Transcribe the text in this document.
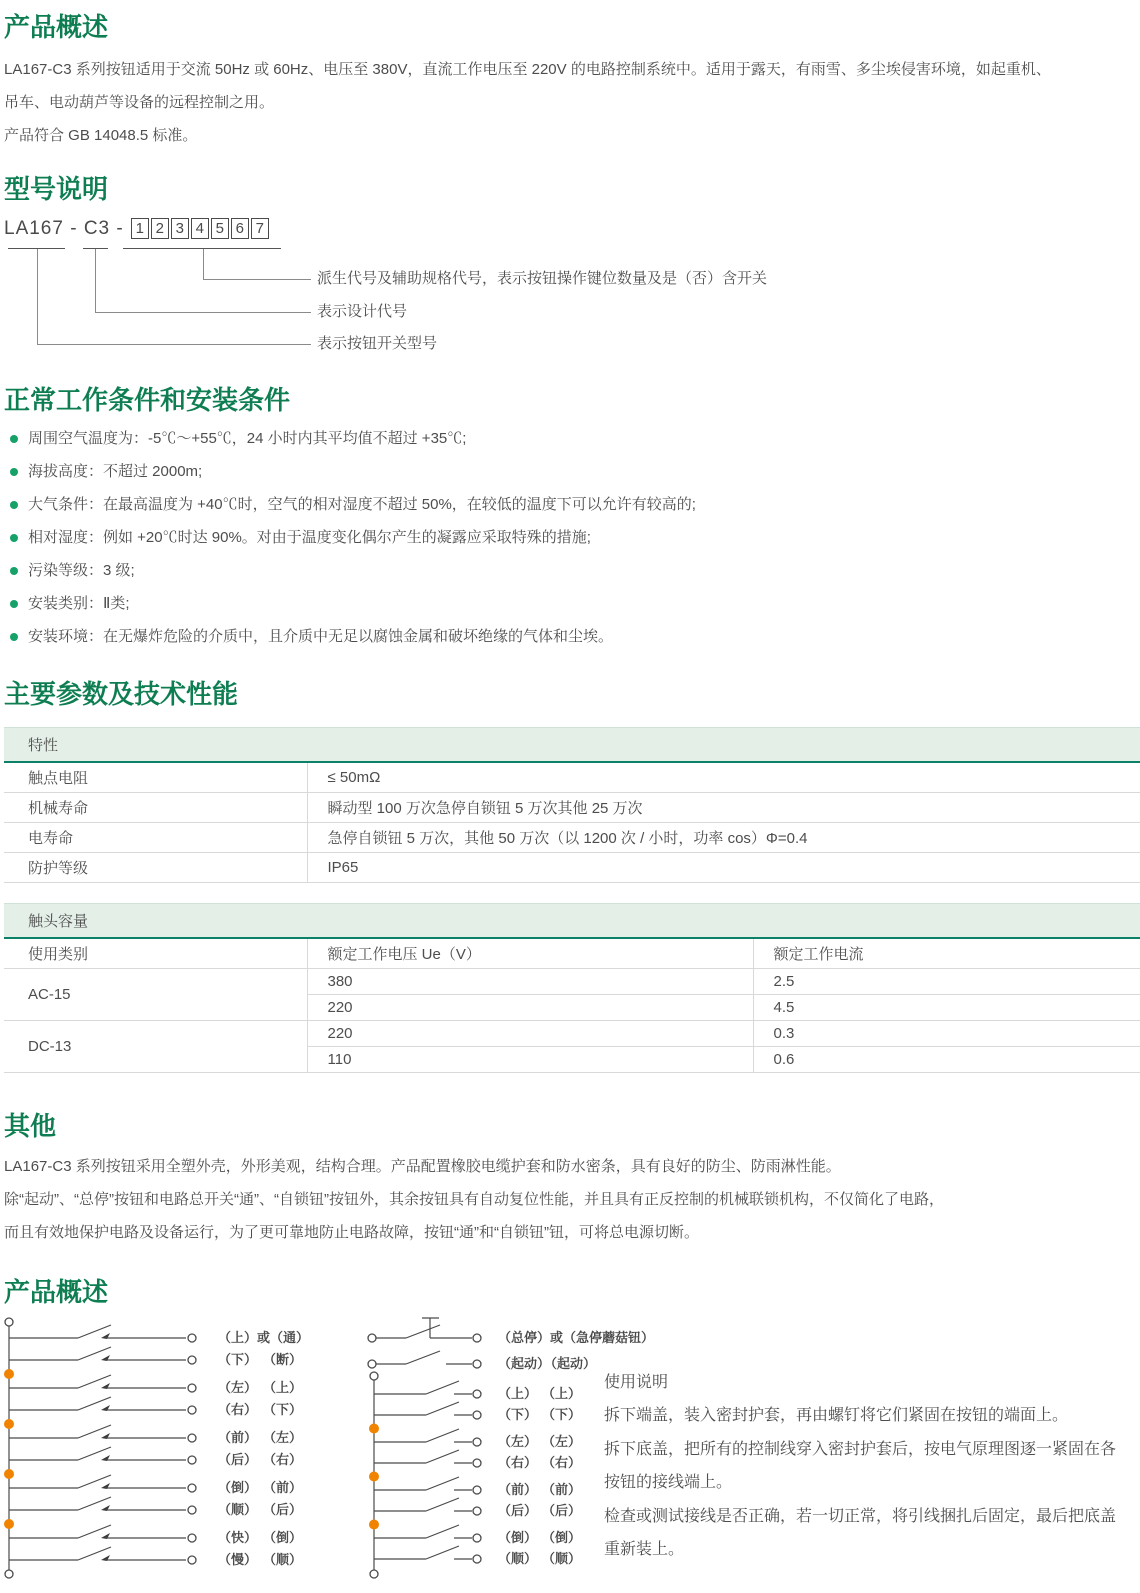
产品概述
LA167-C3 系列按钮适用于交流 50Hz 或 60Hz、电压至 380V，直流工作电压至 220V 的电路控制系统中。适用于露天，有雨雪、多尘埃侵害环境，如起重机、
吊车、电动葫芦等设备的远程控制之用。
产品符合 GB 14048.5 标准。
型号说明
LA167 - C3 - 1 2 3 4 5 6 7
派生代号及辅助规格代号，表示按钮操作键位数量及是（否）含开关
表示设计代号
表示按钮开关型号
正常工作条件和安装条件
周围空气温度为：-5℃～+55℃，24 小时内其平均值不超过 +35℃;
海拔高度：不超过 2000m;
大气条件：在最高温度为 +40℃时，空气的相对湿度不超过 50%，在较低的温度下可以允许有较高的;
相对湿度：例如 +20℃时达 90%。对由于温度变化偶尔产生的凝露应采取特殊的措施;
污染等级：3 级;
安装类别：Ⅱ类;
安装环境：在无爆炸危险的介质中，且介质中无足以腐蚀金属和破坏绝缘的气体和尘埃。
主要参数及技术性能
特性
触点电阻	≤ 50mΩ
机械寿命	瞬动型 100 万次急停自锁钮 5 万次其他 25 万次
电寿命	急停自锁钮 5 万次，其他 50 万次（以 1200 次 / 小时，功率 cos）Φ=0.4
防护等级	IP65
触头容量
使用类别	额定工作电压 Ue（V）	额定工作电流
AC-15	380	2.5
	220	4.5
DC-13	220	0.3
	110	0.6
其他
LA167-C3 系列按钮采用全塑外壳，外形美观，结构合理。产品配置橡胶电缆护套和防水密条，具有良好的防尘、防雨淋性能。
除“起动”、“总停”按钮和电路总开关“通”、“自锁钮”按钮外，其余按钮具有自动复位性能，并且具有正反控制的机械联锁机构，不仅简化了电路，
而且有效地保护电路及设备运行，为了更可靠地防止电路故障，按钮“通”和“自锁钮”钮，可将总电源切断。
产品概述
（上）或（通）
（下） （断）
（左） （上）
（右） （下）
（前） （左）
（后） （右）
（倒） （前）
（顺） （后）
（快） （倒）
（慢） （顺）
（总停）或（急停蘑菇钮）
（起动）
（起动）
（上） （上）
（下） （下）
（左） （左）
（右） （右）
（前） （前）
（后） （后）
（倒） （倒）
（顺） （顺）
使用说明
拆下端盖，装入密封护套，再由螺钉将它们紧固在按钮的端面上。
拆下底盖，把所有的控制线穿入密封护套后，按电气原理图逐一紧固在各
按钮的接线端上。
检查或测试接线是否正确，若一切正常，将引线捆扎后固定，最后把底盖
重新装上。
